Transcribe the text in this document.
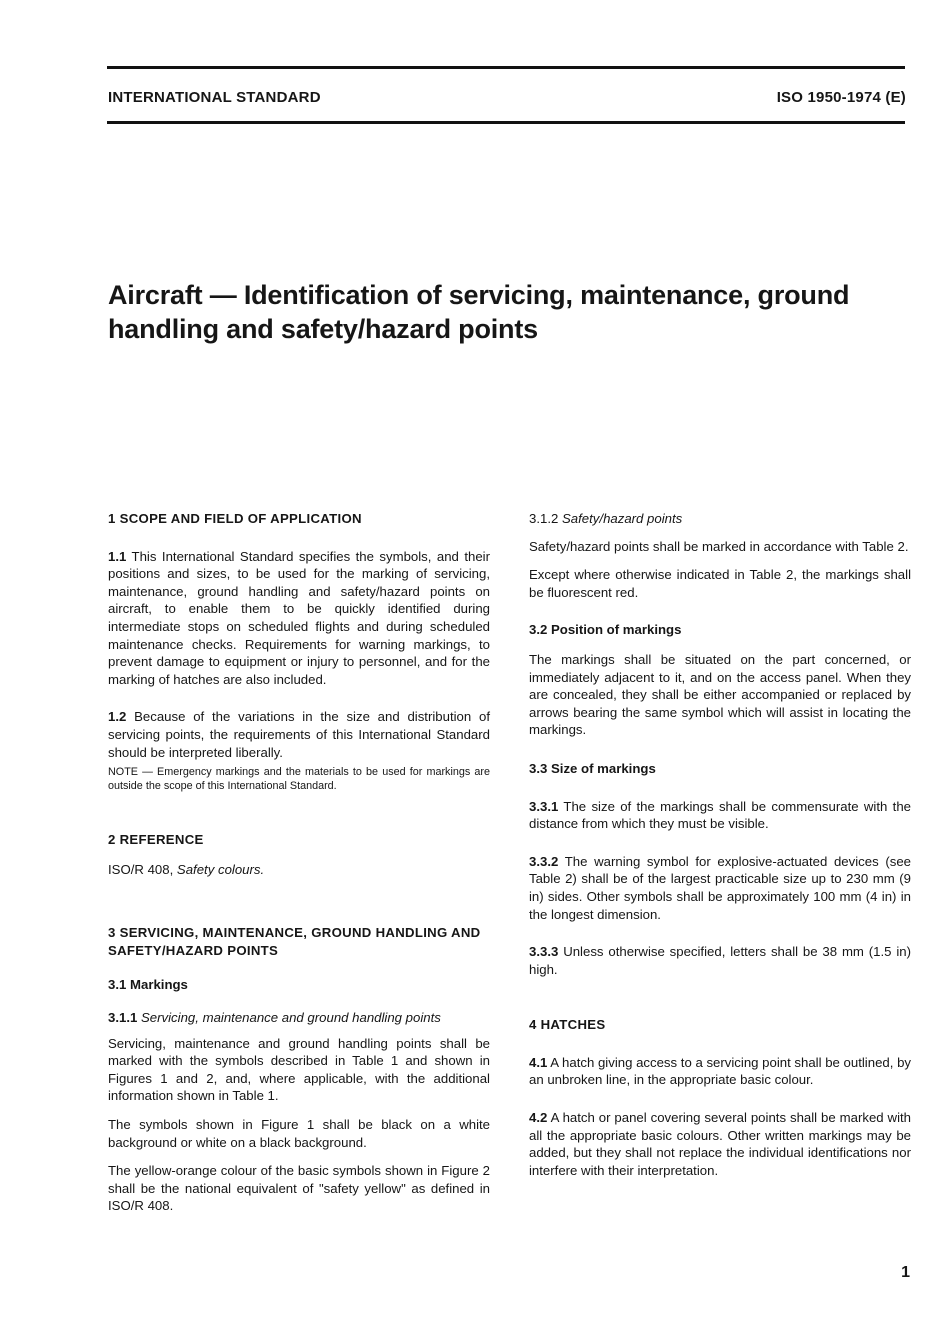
INTERNATIONAL STANDARD	ISO 1950-1974 (E)
Aircraft — Identification of servicing, maintenance, ground handling and safety/hazard points

1 SCOPE AND FIELD OF APPLICATION

1.1 This International Standard specifies the symbols, and their positions and sizes, to be used for the marking of servicing, maintenance, ground handling and safety/hazard points on aircraft, to enable them to be quickly identified during intermediate stops on scheduled flights and during scheduled maintenance checks. Requirements for warning markings, to prevent damage to equipment or injury to personnel, and for the marking of hatches are also included.

1.2 Because of the variations in the size and distribution of servicing points, the requirements of this International Standard should be interpreted liberally.

NOTE — Emergency markings and the materials to be used for markings are outside the scope of this International Standard.

2 REFERENCE

ISO/R 408, Safety colours.

3 SERVICING, MAINTENANCE, GROUND HANDLING AND SAFETY/HAZARD POINTS

3.1 Markings

3.1.1 Servicing, maintenance and ground handling points

Servicing, maintenance and ground handling points shall be marked with the symbols described in Table 1 and shown in Figures 1 and 2, and, where applicable, with the additional information shown in Table 1.

The symbols shown in Figure 1 shall be black on a white background or white on a black background.

The yellow-orange colour of the basic symbols shown in Figure 2 shall be the national equivalent of "safety yellow" as defined in ISO/R 408.

3.1.2 Safety/hazard points

Safety/hazard points shall be marked in accordance with Table 2.

Except where otherwise indicated in Table 2, the markings shall be fluorescent red.

3.2 Position of markings

The markings shall be situated on the part concerned, or immediately adjacent to it, and on the access panel. When they are concealed, they shall be either accompanied or replaced by arrows bearing the same symbol which will assist in locating the markings.

3.3 Size of markings

3.3.1 The size of the markings shall be commensurate with the distance from which they must be visible.

3.3.2 The warning symbol for explosive-actuated devices (see Table 2) shall be of the largest practicable size up to 230 mm (9 in) sides. Other symbols shall be approximately 100 mm (4 in) in the longest dimension.

3.3.3 Unless otherwise specified, letters shall be 38 mm (1.5 in) high.

4 HATCHES

4.1 A hatch giving access to a servicing point shall be outlined, by an unbroken line, in the appropriate basic colour.

4.2 A hatch or panel covering several points shall be marked with all the appropriate basic colours. Other written markings may be added, but they shall not replace the individual identifications nor interfere with their interpretation.

1
